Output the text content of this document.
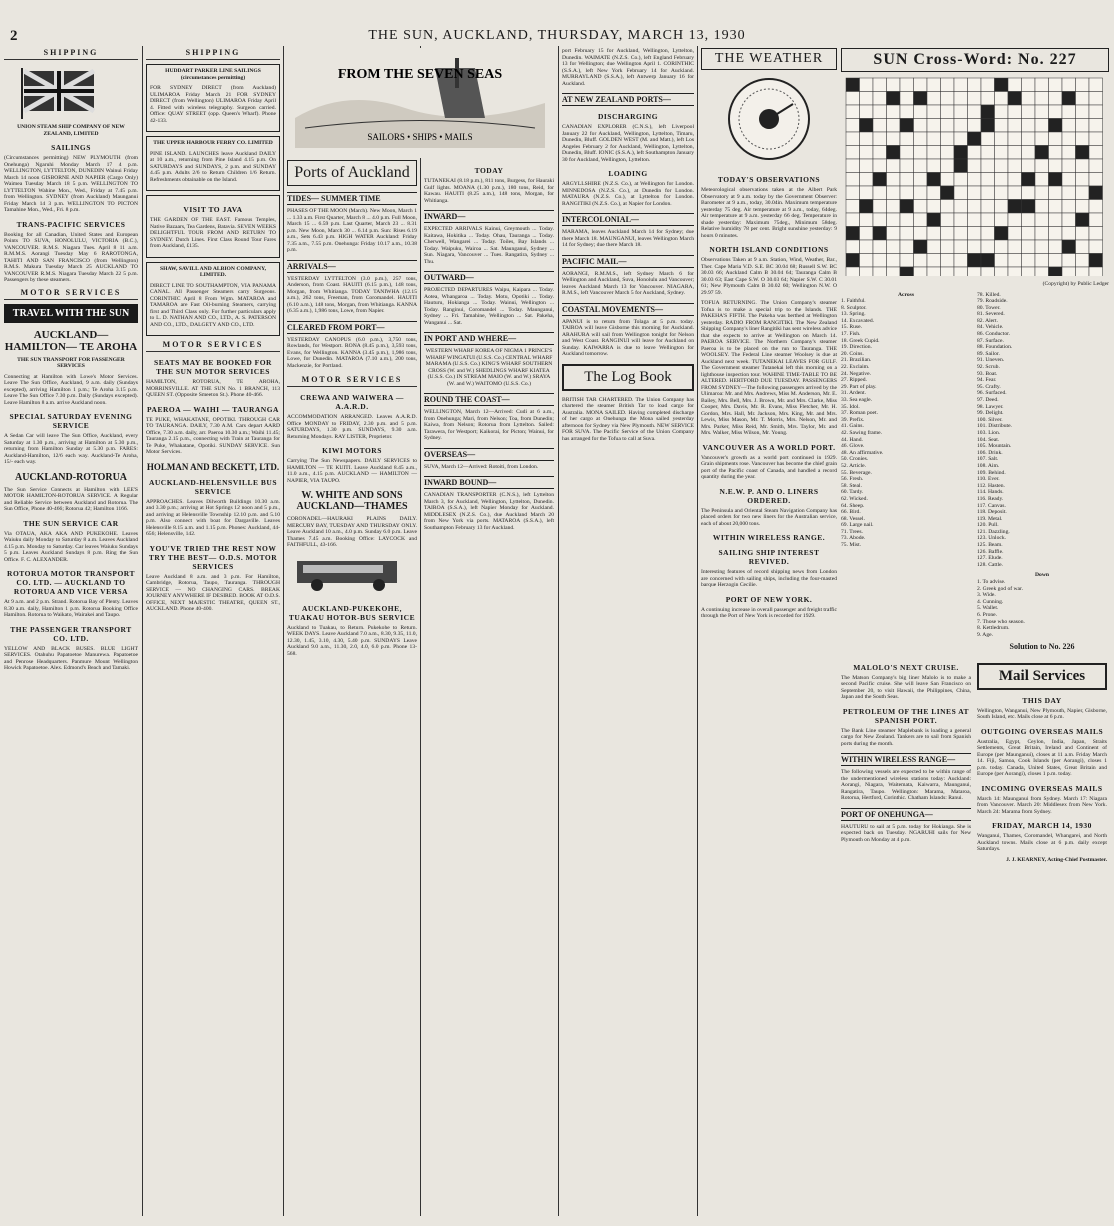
2	THE SUN, AUCKLAND, THURSDAY, MARCH 13, 1930
SHIPPING
UNION STEAM SHIP COMPANY OF NEW ZEALAND, LIMITED
SAILINGS
(Circumstances permitting) NEW PLYMOUTH (from Onehunga) Ngaruhi Monday March 17 4 p.m. WELLINGTON, LYTTELTON, DUNEDIN Wainui Friday March 14 noon GISBORNE AND NAPIER (Cargo Only) Waimea Tuesday March 18 5 p.m. WELLINGTON TO LYTTELTON Wahine Mon., Wed., Friday at 7.45 p.m. from Wellington. SYDNEY (from Auckland) Maunganui Friday March 14 3 p.m. WELLINGTON TO PICTON Tamahine Mon., Wed., Fri. 8 p.m.
TRANS-PACIFIC SERVICES
Booking for all Canadian, United States and European Points TO SUVA, HONOLULU, VICTORIA (B.C.), VANCOUVER. R.M.S. Niagara Tues. April 8 11 a.m. R.M.M.S. Aorangi Tuesday May 6 RAROTONGA, TAHITI AND SAN FRANCISCO (from Wellington) R.M.S. Makura Tuesday March 25 AUCKLAND TO VANCOUVER R.M.S. Niagara Tuesday March 22 5 p.m. Passengers by these steamers.
MOTOR SERVICES
TRAVEL WITH THE SUN
AUCKLAND— HAMILTON— TE AROHA
THE SUN TRANSPORT FOR FASSENGER SERVICES
Connecting at Hamilton with Lowe's Motor Services. Leave The Sun Office, Auckland, 9 a.m. daily (Sundays excepted), arriving Hamilton 1 p.m.; Te Aroha 3.15 p.m. Leave The Sun Office 7.30 p.m. Daily (Sundays excepted). Leave Hamilton 8 a.m. arrive Auckland noon.
SPECIAL SATURDAY EVENING SERVICE
A Sedan Car will leave The Sun Office, Auckland, every Saturday at 1.30 p.m., arriving at Hamilton at 5.30 p.m., returning from Hamilton Sunday at 5.30 p.m. FARES: Auckland-Hamilton, 12/6 each way. Auckland-Te Aroha, 15/- each way.
AUCKLAND-ROTORUA
The Sun Service Connects at Hamilton with LEE'S MOTOR HAMILTON-ROTORUA SERVICE. A Regular and Reliable Service between Auckland and Rotorua. The Sun Office, Phone 40-466; Rotorua 42; Hamilton 1166.
THE SUN SERVICE CAR
Via OTAUA, AKA AKA AND PUKEKOHE. Leaves Waiuku daily Monday to Saturday 8 a.m. Leaves Auckland 4.15 p.m. Monday to Saturday. Car leaves Waiuku Sundays 5 p.m. Leaves Auckland Sundays 8 p.m. Ring the Sun Office. F. C. ALEXANDER.
ROTORUA MOTOR TRANSPORT CO. LTD. — AUCKLAND TO ROTORUA AND VICE VERSA
At 9 a.m. and 2 p.m. Strand. Rotorua Bay of Plenty. Leaves 8.30 a.m. daily, Hamilton 1 p.m. Rotorua Booking Office Hamilton. Rotorua to Waikato, Wairakei and Taupo.
THE PASSENGER TRANSPORT CO. LTD.
YELLOW AND BLACK BUSES. BLUE LIGHT SERVICES. Otahuhu Papatoetoe Manurewa. Papatoetoe and Penrose Headquarters. Panmure Mount Wellington Howick Papatoetoe. Alex. Edmond's Beach and Tamaki.
SHIPPING
HUDDART PARKER LINE SAILINGS (circumstances permitting)
FOR SYDNEY DIRECT (from Auckland) ULIMAROA Friday March 21 FOR SYDNEY DIRECT (from Wellington) ULIMAROA Friday April 4. Fitted with wireless telegraphy. Surgeon carried. Office: QUAY STREET (opp. Queen's Wharf). Phone 42-133.
THE UPPER HARBOUR FERRY CO. LIMITED
PINE ISLAND. LAUNCHES leave Auckland DAILY at 10 a.m., returning from Pine Island 4.15 p.m. On SATURDAYS and SUNDAYS, 2 p.m. and SUNDAY 4.45 p.m. Adults 2/6 to Return Children 1/6 Return. Refreshments obtainable on the Island.
VISIT TO JAVA
THE GARDEN OF THE EAST. Famous Temples, Native Bazaars, Tea Gardens, Batavia. SEVEN WEEKS DELIGHTFUL TOUR FROM AND RETURN TO SYDNEY. Dutch Lines. First Class Round Tour Fares from Auckland, £135.
SHAW, SAVILL AND ALBION COMPANY, LIMITED.
DIRECT LINE TO SOUTHAMPTON, VIA PANAMA CANAL. All Passenger Steamers carry Surgeons. CORINTHIC April 8 From Wgtn. MATAROA and TAMAROA are Fast Oil-burning Steamers, carrying first and Third Class only. For further particulars apply to L. D. NATHAN AND CO., LTD., A. S. PATERSON AND CO., LTD., DALGETY AND CO., LTD.
MOTOR SERVICES
SEATS MAY BE BOOKED FOR THE SUN MOTOR SERVICES
HAMILTON, ROTORUA, TE AROHA, MORRINSVILLE. AT THE SUN No. 1 BRANCH, 113 QUEEN ST. (Opposite Smeeton St.). Phone 40-466.
PAEROA — WAIHI — TAURANGA
TE PUKE, WHAKATANE, OPOTIKI. THROUGH CAR TO TAURANGA. DAILY, 7.30 A.M. Cars depart AARD Office, 7.30 a.m. daily, arr. Paeroa 10.30 a.m.; Waihi 11.45; Tauranga 2.15 p.m., connecting with Train at Tauranga for Te Puke, Whakatane, Opotiki. SUNDAY SERVICE. Sun Motor Services.
HOLMAN AND BECKETT, LTD.
AUCKLAND-HELENSVILLE BUS SERVICE
APPROACHES. Leaves Dilworth Buildings 10.30 a.m. and 3.30 p.m.; arriving at Hot Springs 12 noon and 5 p.m., and arriving at Helensville Township 12.10 p.m. and 5.10 p.m. Also connect with boat for Dargaville. Leaves Helensville 8.15 a.m. and 1.15 p.m. Phones: Auckland, 44-656; Helensville, 142.
YOU'VE TRIED THE REST NOW TRY THE BEST— O.D.S. MOTOR SERVICES
Leave Auckland 8 a.m. and 3 p.m. For Hamilton, Cambridge, Rotorua, Taupo, Tauranga. THROUGH SERVICE — NO CHANGING CARS. BREAK JOURNEY ANYWHERE IF DESIRED. BOOK AT O.D.S. OFFICE, NEXT MAJESTIC THEATRE, QUEEN ST., AUCKLAND. Phone 40-400.
FROM THE SEVEN SEAS
SAILORS • SHIPS • MAILS
Ports of Auckland
TIDES— SUMMER TIME
PHASES OF THE MOON (March). New Moon, March 1 ... 1.33 a.m. First Quarter, March 8 ... 4.0 p.m. Full Moon, March 15 ... 6.59 p.m. Last Quarter, March 23 ... 8.31 p.m. New Moon, March 30 ... 6.14 p.m. Sun: Rises 6.19 a.m., Sets 6.43 p.m. HIGH WATER Auckland: Friday 7.35 a.m., 7.55 p.m. Onehunga: Friday 10.17 a.m., 10.38 p.m.
ARRIVALS—
YESTERDAY LYTTELTON (3.0 p.m.), 257 tons, Anderson, from Coast. HAUITI (6.15 p.m.), 148 tons, Morgan, from Whitianga. TODAY TANIWHA (12.15 a.m.), 262 tons, Freeman, from Coromandel. HAUITI (6.10 a.m.), 148 tons, Morgan, from Whitianga. KANNA (6.35 a.m.), 1,986 tons, Lowe, from Napier.
CLEARED FROM PORT—
YESTERDAY CANOPUS (6.0 p.m.), 3,750 tons, Rowlands, for Westport. RONA (8.45 p.m.), 3,593 tons, Evans, for Wellington. KANNA (3.45 p.m.), 1,986 tons, Lowe, for Dunedin. MATAROA (7.10 a.m.), 200 tons, Mackenzie, for Portland.
MOTOR SERVICES
CREWA AND WAIWERA — A.A.R.D.
ACCOMMODATION ARRANGED. Leaves A.A.R.D. Office MONDAY to FRIDAY, 2.30 p.m. and 5 p.m. SATURDAYS, 1.30 p.m. SUNDAYS, 9.30 a.m. Returning Mondays. RAY LISTER, Proprietor.
KIWI MOTORS
Carrying The Sun Newspapers. DAILY SERVICES to HAMILTON — TE KUITI. Leave Auckland 8.45 a.m., 11.0 a.m., 4.15 p.m. AUCKLAND — HAMILTON — NAPIER, VIA TAUPO.
W. WHITE AND SONS AUCKLAND—THAMES
CORONADEL—HAURAKI PLAINS DAILY. MERCURY BAY, TUESDAY AND THURSDAY ONLY. Leave Auckland 10 a.m., 4.0 p.m. Sunday 6.0 p.m. Leave Thames 7.45 a.m. Booking Office: LAYCOCK and FAITHFULL, 43-166.
AUCKLAND-PUKEKOHE, TUAKAU HOTOR-BUS SERVICE
Auckland to Tuakau, to Return. Pukekohe to Return. WEEK DAYS. Leave Auckland 7.0 a.m., 8.30, 9.35, 11.0, 12.30, 1.45, 3.10, 4.30, 5.40 p.m. SUNDAYS Leave Auckland 9.0 a.m., 11.30, 2.0, 4.0, 6.0 p.m. Phone 13-568.
TODAY
TUTANEKAI (8.18 p.m.), 811 tons, Burgess, for Hauraki Gulf lights. MOANA (1.30 p.m.), 180 tons, Reid, for Kawau. HAUITI (8.25 a.m.), 148 tons, Morgan, for Whitianga.
INWARD—
EXPECTED ARRIVALS Kainui, Greymouth ... Today. Kaitawa, Hokitika ... Today. Ohau, Tauranga ... Today. Cherwell, Wangarei ... Today. Toiles, Bay Islands ... Today. Waipuku, Wairoa ... Sat. Maunganui, Sydney ... Sun. Niagara, Vancouver ... Tues. Rangatira, Sydney ... Thu.
OUTWARD—
PROJECTED DEPARTURES Waipu, Kaipara ... Today. Aotea, Whangaroa ... Today. Motu, Opotiki ... Today. Hauturu, Hokianga ... Today. Wainui, Wellington ... Today. Ranginui, Coromandel ... Today. Maunganui, Sydney ... Fri. Tamahine, Wellington ... Sat. Pakeha, Wanganui ... Sat.
IN PORT AND WHERE—
WESTERN WHARF KOREA OF NIGMA 1 PRINCE'S WHARF WINGATUI (U.S.S. Co.) CENTRAL WHARF MARAMA (U.S.S. Co.) KING'S WHARF SOUTHERN CROSS (W. and W.) SHEDLINGS WHARF KIATEA (U.S.S. Co.) IN STREAM MAIO (W. and W.) SRAYA (W. and W.) WAITOMO (U.S.S. Co.)
ROUND THE COAST—
WELLINGTON, March 12—Arrived: Cudi at 6 a.m., from Onehunga; Mari, from Nelson; Toa, from Dunedin; Kaiwa, from Nelson; Rotorua from Lyttelton. Sailed: Tarawera, for Westport; Kaikorai, for Picton; Wainui, for Sydney.
OVERSEAS—
SUVA, March 12—Arrived: Rotoiti, from London.
INWARD BOUND—
CANADIAN TRANSPORTER (C.N.S.), left Lyttelton March 3, for Auckland, Wellington, Lyttelton, Dunedin. TAIROA (S.S.A.), left Napier Monday for Auckland. MIDDLESEX (N.Z.S. Co.), due Auckland March 20 from New York via ports. MATAROA (S.S.A.), left Southampton February 13 for Auckland.
port February 15 for Auckland, Wellington, Lyttelton, Dunedin. WAIMATE (N.Z.S. Co.), left England February 13 for Wellington; due Wellington April 1. CORINTHIC (S.S.A.), left New York February 14 for Auckland. MURRAYLAND (S.S.A.), left Antwerp January 16 for Auckland.
AT NEW ZEALAND PORTS—
DISCHARGING
CANADIAN EXPLORER (C.N.S.), left Liverpool January 22 for Auckland, Wellington, Lyttelton, Timaru, Dunedin, Bluff. GOLDEN WEST (M. and Matt.), left Los Angeles February 2 for Auckland, Wellington, Lyttelton, Dunedin, Bluff. IONIC (S.S.A.), left Southampton January 30 for Auckland, Wellington, Lyttelton.
LOADING
ARGYLLSHIRE (N.Z.S. Co.), at Wellington for London. MINNEDOSA (N.Z.S. Co.), at Dunedin for London. MATAURA (N.Z.S. Co.), at Lyttelton for London. RANGITIKI (N.Z.S. Co.), at Napier for London.
INTERCOLONIAL—
MARAMA, leaves Auckland March 14 for Sydney; due there March 18. MAUNGANUI, leaves Wellington March 14 for Sydney; due there March 18.
PACIFIC MAIL—
AORANGI, R.M.M.S., left Sydney March 6 for Wellington and Auckland, Suva, Honolulu and Vancouver; leaves Auckland March 13 for Vancouver. NIAGARA, R.M.S., left Vancouver March 5 for Auckland, Sydney.
COASTAL MOVEMENTS—
APANUI is to return from Tolaga at 5 p.m. today. TAIROA will leave Gisborne this morning for Auckland. ARAHURA will sail from Wellington tonight for Nelson and West Coast. RANGINUI will leave for Auckland on Sunday. KAIWARRA is due to leave Wellington for Auckland tomorrow.
The Log Book
BRITISH TAR CHARTERED. The Union Company has chartered the steamer British Tar to load cargo for Australia. MONA SAILED. Having completed discharge of her cargo at Onehunga the Mona sailed yesterday afternoon for Sydney via New Plymouth. NEW SERVICE FOR SUVA. The Pacific Service of the Union Company has arranged for the Tofua to call at Suva.
THE WEATHER
TODAY'S OBSERVATIONS
Meteorological observations taken at the Albert Park Observatory at 9 a.m. today by the Government Observer: Barometer at 9 a.m., today, 30.04in. Maximum temperature yesterday 75 deg. Air temperature at 9 a.m., today, 64deg. Air temperature at 9 a.m. yesterday 66 deg. Temperature in shade yesterday: Maximum 75deg., Minimum 58deg. Relative humidity 78 per cent. Bright sunshine yesterday: 9 hours 0 minutes.
NORTH ISLAND CONDITIONS
Observations Taken at 9 a.m. Station, Wind, Weather, Bar., Ther. Cape Maria V.D. S.E. BC 30.04 68; Russell S.W. BC 30.03 66; Auckland Calm B 30.04 64; Tauranga Calm B 30.03 63; East Cape S.W. O 30.03 64; Napier S.W. C 30.01 61; New Plymouth Calm B 30.02 60; Wellington N.W. O 29.97 59.
TOFUA RETURNING. The Union Company's steamer Tofua is to make a special trip to the Islands. THE PAKEHA'S FIFTH. The Pakeha was berthed at Wellington yesterday. RADIO FROM RANGITIKI. The New Zealand Shipping Company's liner Rangitiki has sent wireless advice that she expects to arrive at Wellington on March 14. PAEROA SERVICE. The Northern Company's steamer Paeroa is to be placed on the run to Tauranga. THE WOOLSEY. The Federal Line steamer Woolsey is due at Auckland next week. TUTANEKAI LEAVES FOR GULF. The Government steamer Tutanekai left this morning on a lighthouse inspection tour. WAHINE TIME-TABLE TO BE ALTERED. HERTFORD DUE TUESDAY. PASSENGERS FROM SYDNEY—The following passengers arrived by the Ulimaroa: Mr. and Mrs. Andrews, Miss M. Anderson, Mr. E. Bailey, Mrs. Bell, Mrs. J. Brown, Mr. and Mrs. Clarke, Miss Cooper, Mrs. Davis, Mr. R. Evans, Miss Fletcher, Mr. H. Gordon, Mrs. Hall, Mr. Jackson, Mrs. King, Mr. and Mrs. Lewis, Miss Mason, Mr. T. Morris, Mrs. Nelson, Mr. and Mrs. Parker, Miss Reid, Mr. Smith, Mrs. Taylor, Mr. and Mrs. Walker, Miss Wilson, Mr. Young.
VANCOUVER AS A WORLD PORT.
Vancouver's growth as a world port continued in 1929. Grain shipments rose. Vancouver has become the chief grain port of the Pacific coast of Canada, and handled a record quantity during the year.
N.E.W. P. AND O. LINERS ORDERED.
The Peninsula and Oriental Steam Navigation Company has placed orders for two new liners for the Australian service, each of about 20,000 tons.
WITHIN WIRELESS RANGE.
SAILING SHIP INTEREST REVIVED.
Interesting features of record shipping news from London are concerned with sailing ships, including the four-masted barque Herzogin Cecilie.
PORT OF NEW YORK.
A continuing increase in overall passenger and freight traffic through the Port of New York is recorded for 1929.
SUN Cross-Word: No. 227
(Copyright) by Public Ledger
Across
1. Faithful.
8. Sculptor.
13. Spring.
14. Excavated.
15. Ruse.
17. Fish.
18. Greek Cupid.
19. Direction.
20. Coins.
21. Brazilian.
22. Exclaim.
24. Negative.
27. Ripped.
29. Part of play.
31. Ardent.
33. Sea eagle.
35. Idol.
37. Roman poet.
39. Prefix.
41. Gains.
42. Sawing frame.
44. Hand.
46. Glove.
48. An affirmative.
50. Cronies.
52. Article.
55. Beverage.
56. Fresh.
58. Steal.
60. Tardy.
62. Wicked.
64. Sheep.
66. Bird.
68. Vessel.
69. Large nail.
71. Trees.
73. Abode.
75. Mist.
78. Killed.
79. Roadside.
80. Tower.
81. Severed.
82. Alert.
84. Vehicle.
86. Conductor.
87. Surface.
88. Foundation.
89. Sailor.
91. Uneven.
92. Scrub.
93. Boat.
94. Fear.
95. Crafty.
96. Surfaced.
97. Deed.
98. Lawyer.
99. Delight.
100. Silver.
101. Distribute.
103. Lion.
104. Seat.
105. Mountain.
106. Drink.
107. Salt.
108. Aim.
109. Behind.
110. Ever.
112. Hasten.
114. Hands.
116. Ready.
117. Canvas.
118. Deposit.
119. Metal.
120. Pull.
121. Dazzling.
123. Unlock.
125. Beam.
126. Baffle.
127. Elude.
128. Cattle.
Down
1. To advise.
2. Greek god of war.
3. Wide.
4. Cunning.
5. Wallet.
6. Prone.
7. Those who season.
8. Kettledrum.
9. Age.
Solution to No. 226
MALOLO'S NEXT CRUISE.
The Matson Company's big liner Malolo is to make a second Pacific cruise. She will leave San Francisco on September 20, to visit Hawaii, the Philippines, China, Japan and the South Seas.
PETROLEUM OF THE LINES AT SPANISH PORT.
The Bank Line steamer Maplebank is loading a general cargo for New Zealand. Tankers are to sail from Spanish ports during the month.
WITHIN WIRELESS RANGE—
The following vessels are expected to be within range of the undermentioned wireless stations today: Auckland: Aorangi, Niagara, Waitemata, Kaiwarra, Maunganui, Rangatira, Taupo. Wellington: Marama, Mataroa, Rotorua, Hertford, Corinthic. Chatham Islands: Ranui.
PORT OF ONEHUNGA—
HAUTURU to sail at 5 p.m. today for Hokianga. She is expected back on Tuesday. NGARUHI sails for New Plymouth on Monday at 4 p.m.
Mail Services
THIS DAY
Wellington, Wanganui, New Plymouth, Napier, Gisborne, South Island, etc. Mails close at 6 p.m.
OUTGOING OVERSEAS MAILS
Australia, Egypt, Ceylon, India, Japan, Straits Settlements, Great Britain, Ireland and Continent of Europe (per Maunganui), closes at 11 a.m. Friday March 14. Fiji, Samoa, Cook Islands (per Aorangi), closes 1 p.m. today. Canada, United States, Great Britain and Europe (per Aorangi), closes 1 p.m. today.
INCOMING OVERSEAS MAILS
March 14: Maunganui from Sydney. March 17: Niagara from Vancouver. March 20: Middlesex from New York. March 24: Marama from Sydney.
FRIDAY, MARCH 14, 1930
Wanganui, Thames, Coromandel, Whangarei, and North Auckland towns. Mails close at 6 p.m. daily except Saturdays.
J. J. KEARNEY, Acting-Chief Postmaster.
